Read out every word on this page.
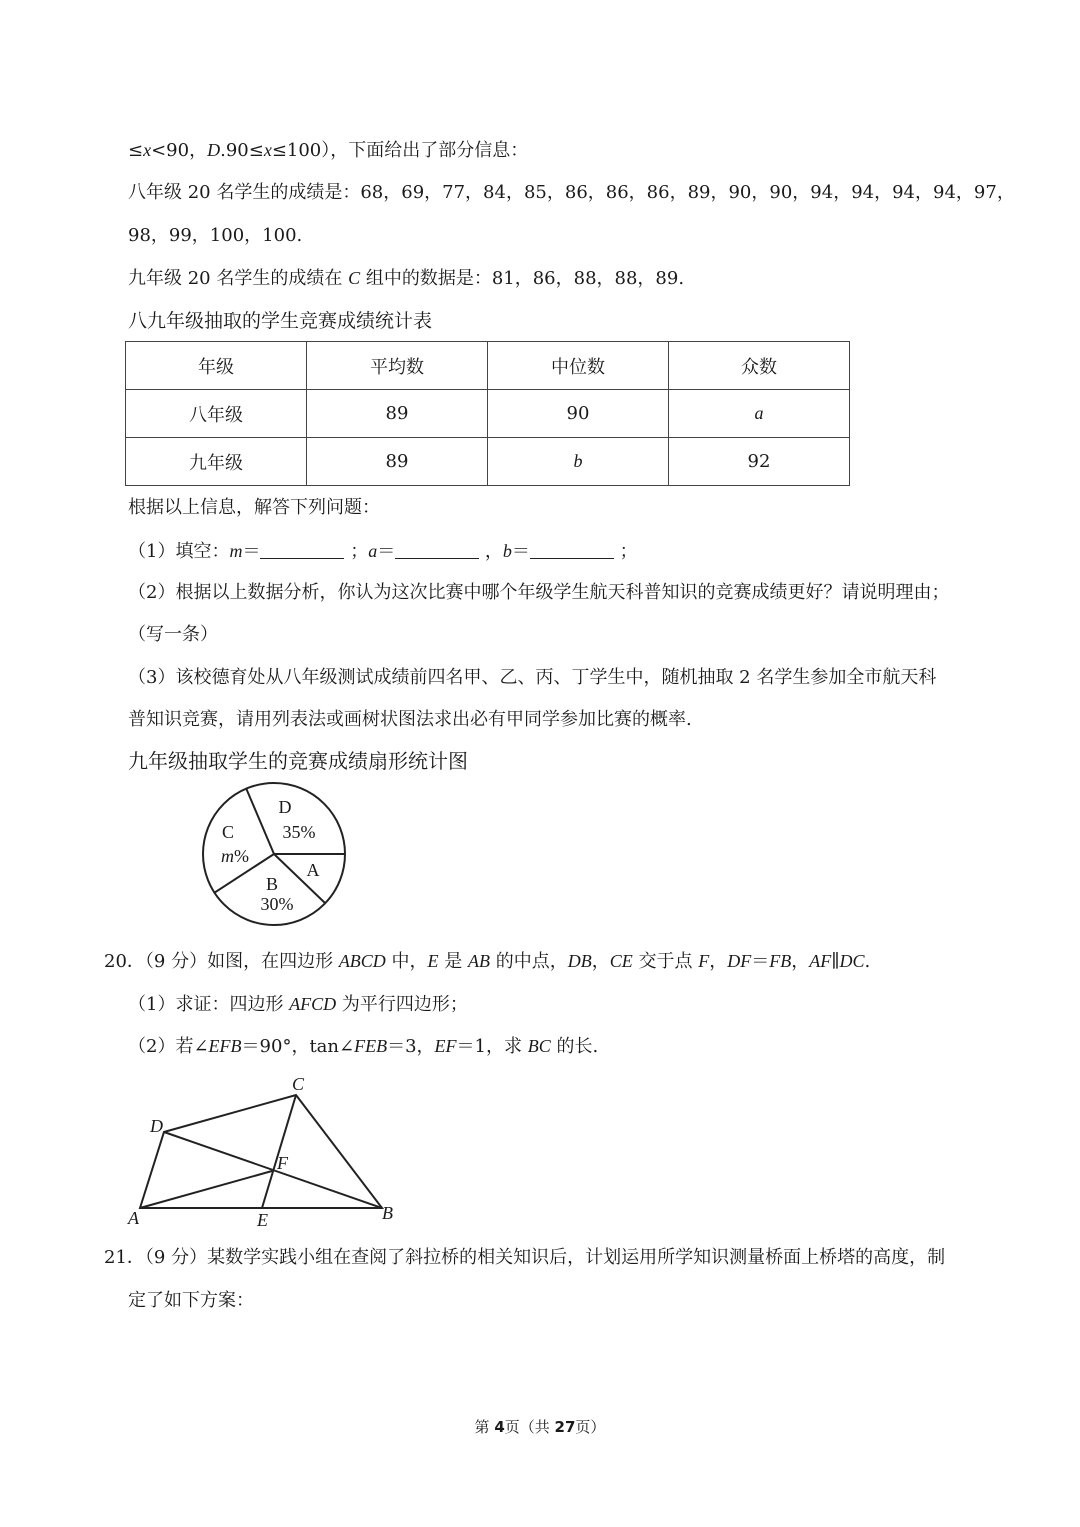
≤x<90，D.90≤x≤100），下面给出了部分信息：
八年级 20 名学生的成绩是：68，69，77，84，85，86，86，86，89，90，90，94，94，94，94，97，
98，99，100，100.
九年级 20 名学生的成绩在 C 组中的数据是：81，86，88，88，89.
八九年级抽取的学生竞赛成绩统计表
年级	平均数	中位数	众数
八年级	89	90	a
九年级	89	b	92
根据以上信息，解答下列问题：
（1）填空：m＝	；a＝	，b＝	；
（2）根据以上数据分析，你认为这次比赛中哪个年级学生航天科普知识的竞赛成绩更好？请说明理由；
（写一条）
（3）该校德育处从八年级测试成绩前四名甲、乙、丙、丁学生中，随机抽取 2 名学生参加全市航天科
普知识竞赛，请用列表法或画树状图法求出必有甲同学参加比赛的概率.
九年级抽取学生的竞赛成绩扇形统计图
D
35%
C
m%
A
B
30%
20．（9 分）如图，在四边形 ABCD 中，E 是 AB 的中点，DB，CE 交于点 F，DF＝FB，AF∥DC.
（1）求证：四边形 AFCD 为平行四边形；
（2）若∠EFB＝90°，tan∠FEB＝3，EF＝1，求 BC 的长.
C
D
F
A	E	B
21．（9 分）某数学实践小组在查阅了斜拉桥的相关知识后，计划运用所学知识测量桥面上桥塔的高度，制
定了如下方案：
第 4页（共 27页）
